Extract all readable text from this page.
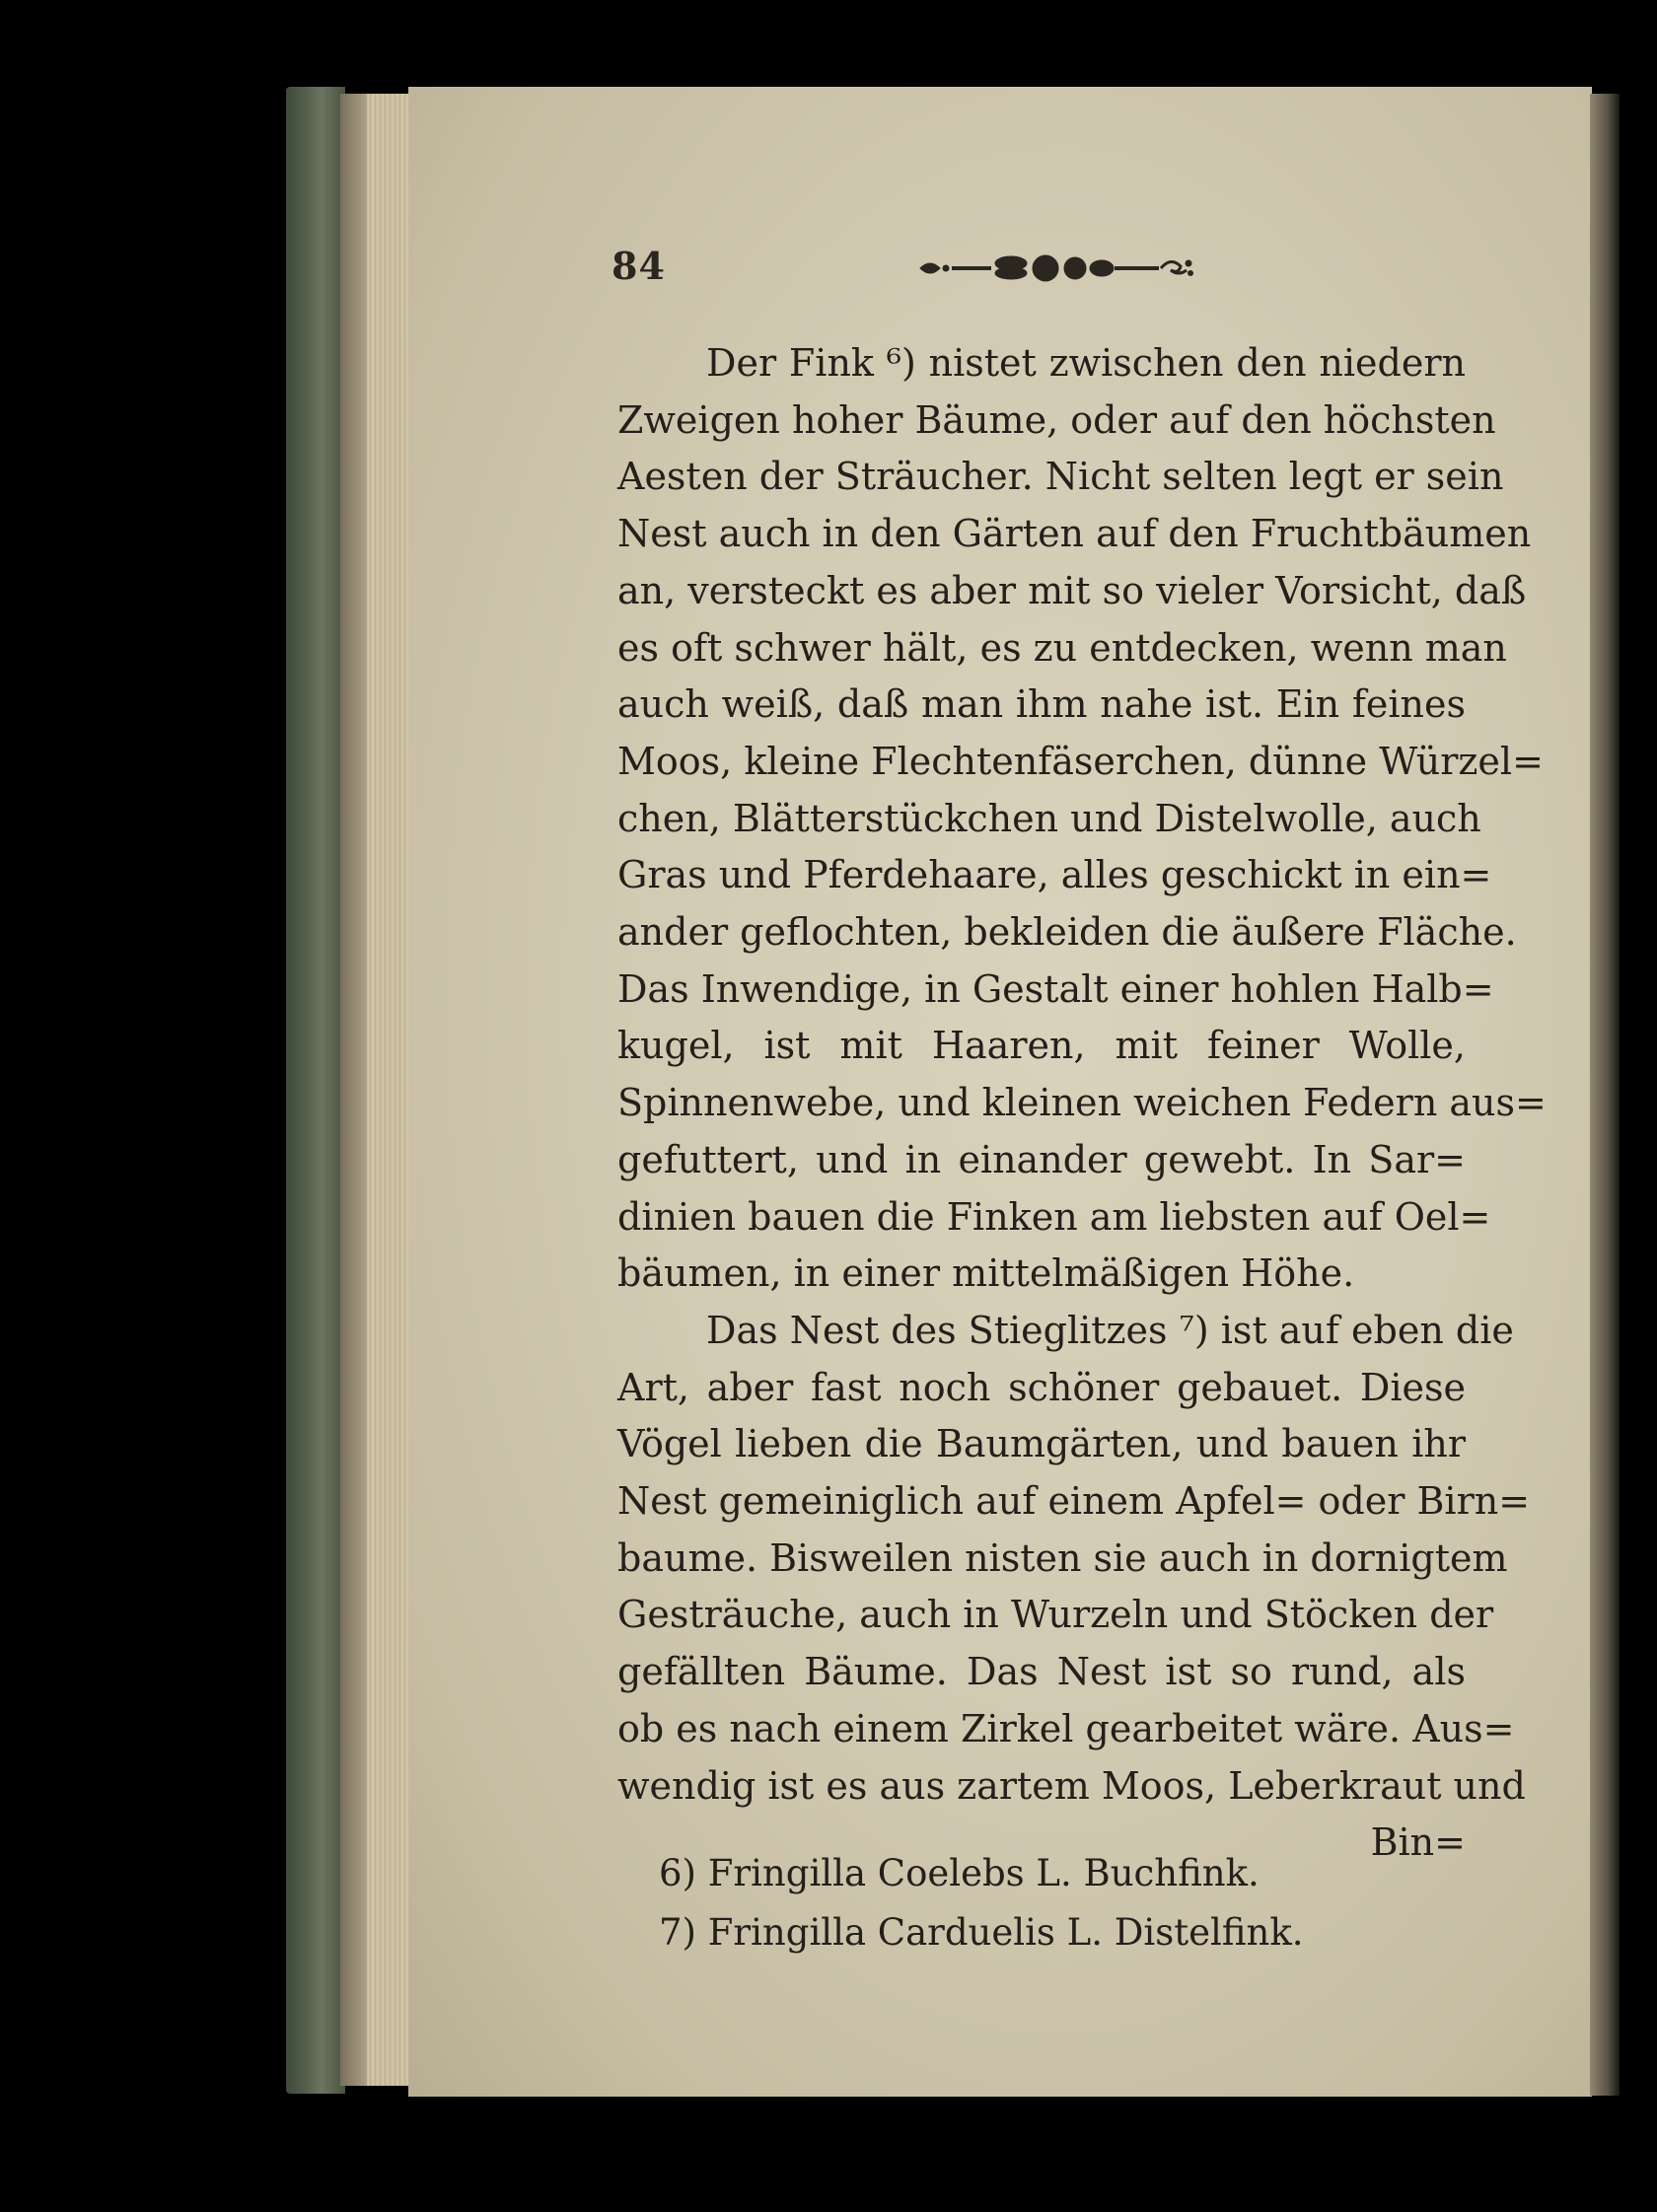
84
Der Fink ⁶) nistet zwischen den niedern
Zweigen hoher Bäume, oder auf den höchsten
Aesten der Sträucher. Nicht selten legt er sein
Nest auch in den Gärten auf den Fruchtbäumen
an, versteckt es aber mit so vieler Vorsicht, daß
es oft schwer hält, es zu entdecken, wenn man
auch weiß, daß man ihm nahe ist. Ein feines
Moos, kleine Flechtenfäserchen, dünne Würzel=
chen, Blätterstückchen und Distelwolle, auch
Gras und Pferdehaare, alles geschickt in ein=
ander geflochten, bekleiden die äußere Fläche.
Das Inwendige, in Gestalt einer hohlen Halb=
kugel, ist mit Haaren, mit feiner Wolle,
Spinnenwebe, und kleinen weichen Federn aus=
gefuttert, und in einander gewebt. In Sar=
dinien bauen die Finken am liebsten auf Oel=
bäumen, in einer mittelmäßigen Höhe.
Das Nest des Stieglitzes ⁷) ist auf eben die
Art, aber fast noch schöner gebauet. Diese
Vögel lieben die Baumgärten, und bauen ihr
Nest gemeiniglich auf einem Apfel= oder Birn=
baume. Bisweilen nisten sie auch in dornigtem
Gesträuche, auch in Wurzeln und Stöcken der
gefällten Bäume. Das Nest ist so rund, als
ob es nach einem Zirkel gearbeitet wäre. Aus=
wendig ist es aus zartem Moos, Leberkraut und
Bin=
6) Fringilla Coelebs L. Buchfink.
7) Fringilla Carduelis L. Distelfink.
